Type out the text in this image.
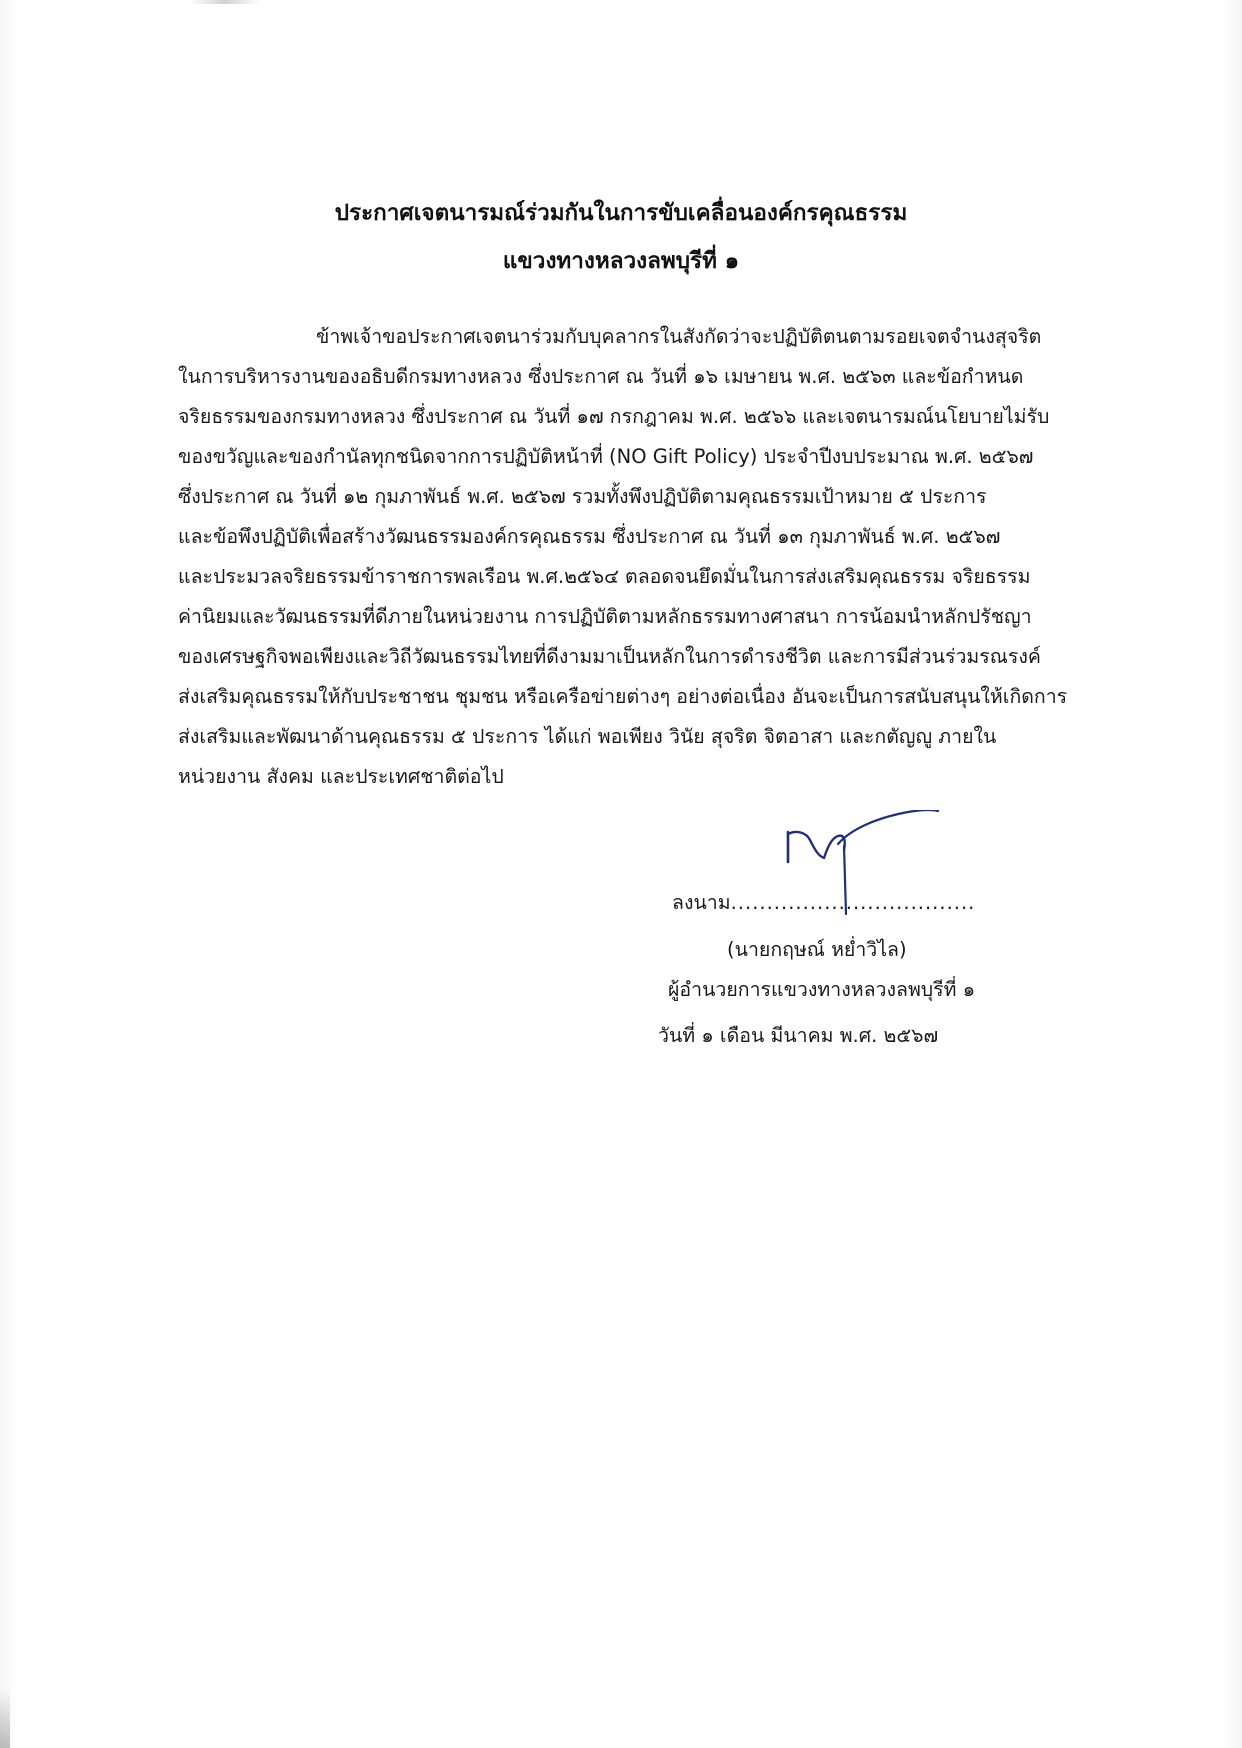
ประกาศเจตนารมณ์ร่วมกันในการขับเคลื่อนองค์กรคุณธรรม
แขวงทางหลวงลพบุรีที่ ๑
ข้าพเจ้าขอประกาศเจตนาร่วมกับบุคลากรในสังกัดว่าจะปฏิบัติตนตามรอยเจตจำนงสุจริต
ในการบริหารงานของอธิบดีกรมทางหลวง ซึ่งประกาศ ณ วันที่ ๑๖ เมษายน พ.ศ. ๒๕๖๓ และข้อกำหนด
จริยธรรมของกรมทางหลวง ซึ่งประกาศ ณ วันที่ ๑๗ กรกฎาคม พ.ศ. ๒๕๖๖ และเจตนารมณ์นโยบายไม่รับ
ของขวัญและของกำนัลทุกชนิดจากการปฏิบัติหน้าที่ (NO Gift Policy) ประจำปีงบประมาณ พ.ศ. ๒๕๖๗
ซึ่งประกาศ ณ วันที่ ๑๒ กุมภาพันธ์ พ.ศ. ๒๕๖๗ รวมทั้งพึงปฏิบัติตามคุณธรรมเป้าหมาย ๕ ประการ
และข้อพึงปฏิบัติเพื่อสร้างวัฒนธรรมองค์กรคุณธรรม ซึ่งประกาศ ณ วันที่ ๑๓ กุมภาพันธ์ พ.ศ. ๒๕๖๗
และประมวลจริยธรรมข้าราชการพลเรือน พ.ศ.๒๕๖๔ ตลอดจนยึดมั่นในการส่งเสริมคุณธรรม จริยธรรม
ค่านิยมและวัฒนธรรมที่ดีภายในหน่วยงาน การปฏิบัติตามหลักธรรมทางศาสนา การน้อมนำหลักปรัชญา
ของเศรษฐกิจพอเพียงและวิถีวัฒนธรรมไทยที่ดีงามมาเป็นหลักในการดำรงชีวิต และการมีส่วนร่วมรณรงค์
ส่งเสริมคุณธรรมให้กับประชาชน ชุมชน หรือเครือข่ายต่างๆ อย่างต่อเนื่อง อันจะเป็นการสนับสนุนให้เกิดการ
ส่งเสริมและพัฒนาด้านคุณธรรม ๕ ประการ ได้แก่ พอเพียง วินัย สุจริต จิตอาสา และกตัญญู ภายใน
หน่วยงาน สังคม และประเทศชาติต่อไป
ลงนาม..................................
(นายกฤษณ์ หย่ำวิไล)
ผู้อำนวยการแขวงทางหลวงลพบุรีที่ ๑
วันที่ ๑ เดือน มีนาคม พ.ศ. ๒๕๖๗
